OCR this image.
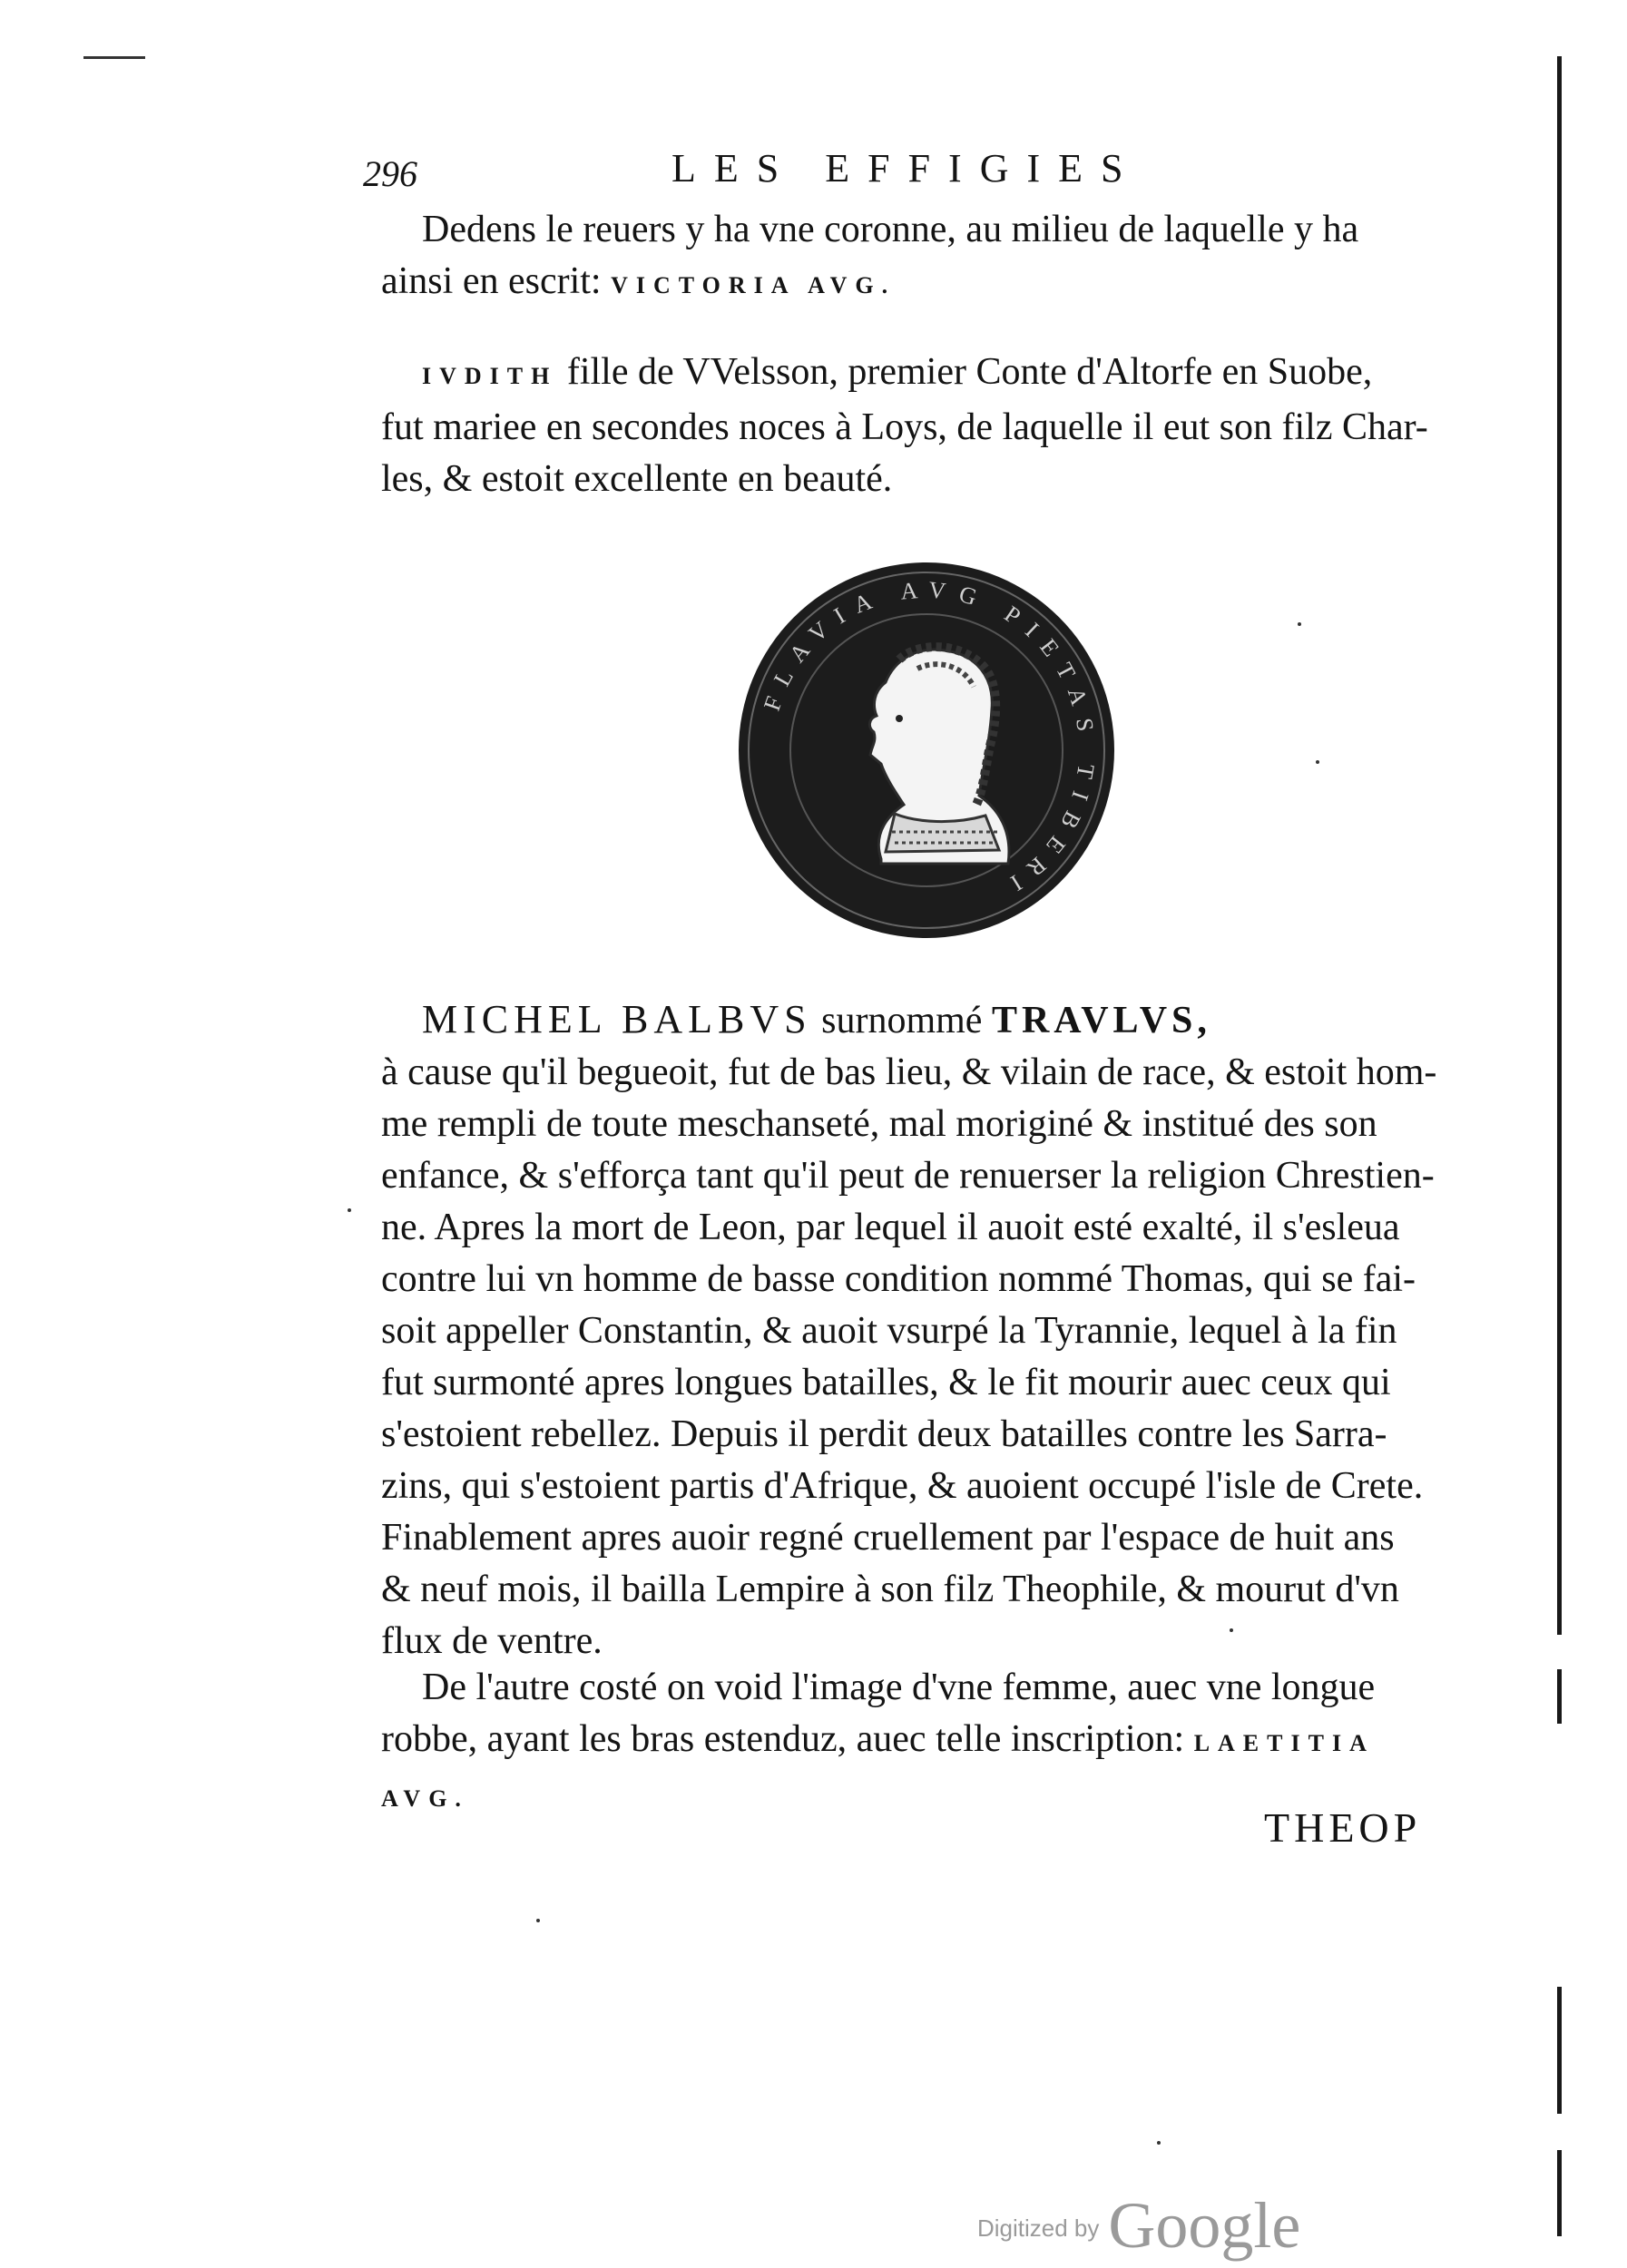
296	LES EFFIGIES

Dedens le reuers y ha vne coronne, au milieu de laquelle y ha

ainsi en escrit: VICTORIA AVG.

IVDITH fille de VVelsson, premier Conte d'Altorfe en Suobe,

fut mariee en secondes noces à Loys, de laquelle il eut son filz Char-

les, & estoit excellente en beauté.

FLAVIA AVG PIETAS TIBERI

MICHEL BALBVS surnommé TRAVLVS,

à cause qu'il begueoit, fut de bas lieu, & vilain de race, & estoit hom-

me rempli de toute meschanseté, mal moriginé & institué des son

enfance, & s'efforça tant qu'il peut de renuerser la religion Chrestien-

ne. Apres la mort de Leon, par lequel il auoit esté exalté, il s'esleua

contre lui vn homme de basse condition nommé Thomas, qui se fai-

soit appeller Constantin, & auoit vsurpé la Tyrannie, lequel à la fin

fut surmonté apres longues batailles, & le fit mourir auec ceux qui

s'estoient rebellez. Depuis il perdit deux batailles contre les Sarra-

zins, qui s'estoient partis d'Afrique, & auoient occupé l'isle de Crete.

Finablement apres auoir regné cruellement par l'espace de huit ans

& neuf mois, il bailla Lempire à son filz Theophile, & mourut d'vn

flux de ventre.

De l'autre costé on void l'image d'vne femme, auec vne longue

robbe, ayant les bras estenduz, auec telle inscription: LAETITIA

AVG.

THEOP
Digitized by Google
